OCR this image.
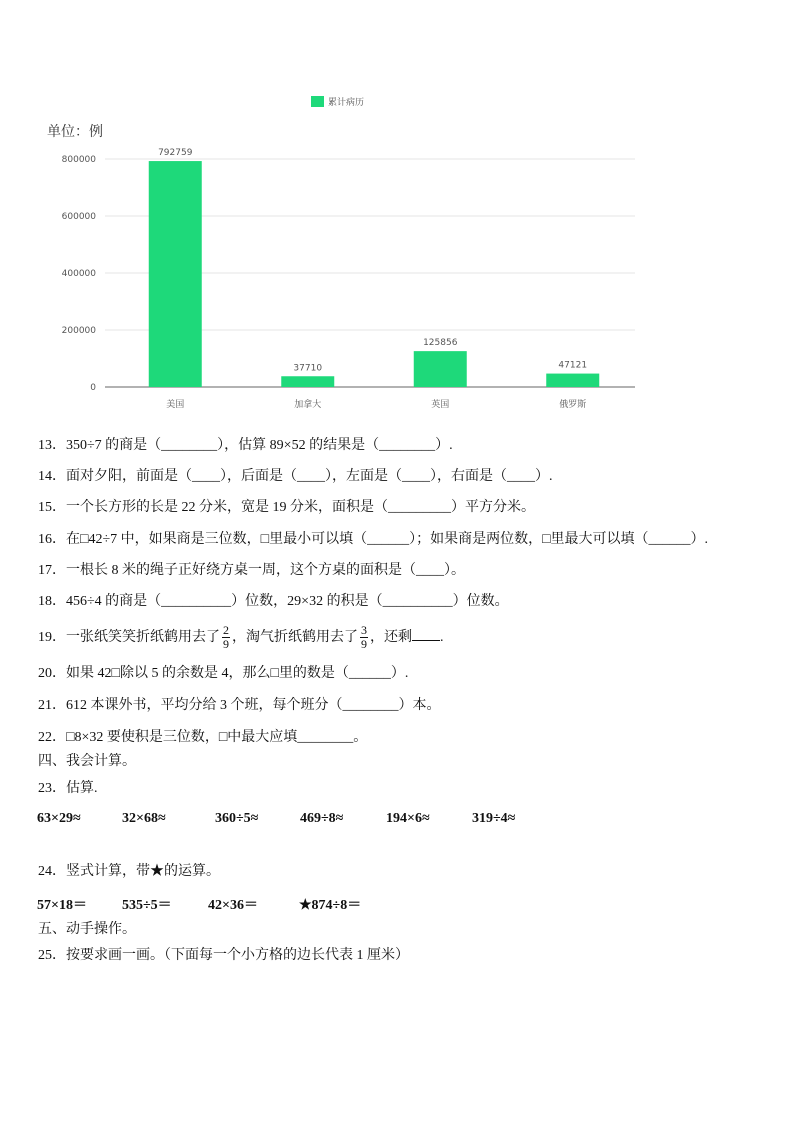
累计病历
0
200000
400000
600000
800000
792759
美国
37710
加拿大
125856
英国
47121
俄罗斯
单位：例
13．350÷7 的商是（________），估算 89×52 的结果是（________）.
14．面对夕阳，前面是（____），后面是（____），左面是（____），右面是（____）.
15．一个长方形的长是 22 分米，宽是 19 分米，面积是（_________）平方分米。
16．在□42÷7 中，如果商是三位数，□里最小可以填（______）；如果商是两位数，□里最大可以填（______）.
17．一根长 8 米的绳子正好绕方桌一周，这个方桌的面积是（____）。
18．456÷4 的商是（__________）位数，29×32 的积是（__________）位数。
19．一张纸笑笑折纸鹤用去了 $\frac{2}{9}$ ，淘气折纸鹤用去了 $\frac{3}{9}$ ，还剩 .
20．如果 42□除以 5 的余数是 4，那么□里的数是（______）.
21．612 本课外书，平均分给 3 个班，每个班分（________）本。
22．□8×32 要使积是三位数，□中最大应填________。
四、我会计算。
23．估算.
63×29≈	32×68≈	360÷5≈	469÷8≈	194×6≈	319÷4≈
24．竖式计算，带★的运算。
57×18＝	535÷5＝	42×36＝	★874÷8＝
五、动手操作。
25．按要求画一画。（下面每一个小方格的边长代表 1 厘米）
